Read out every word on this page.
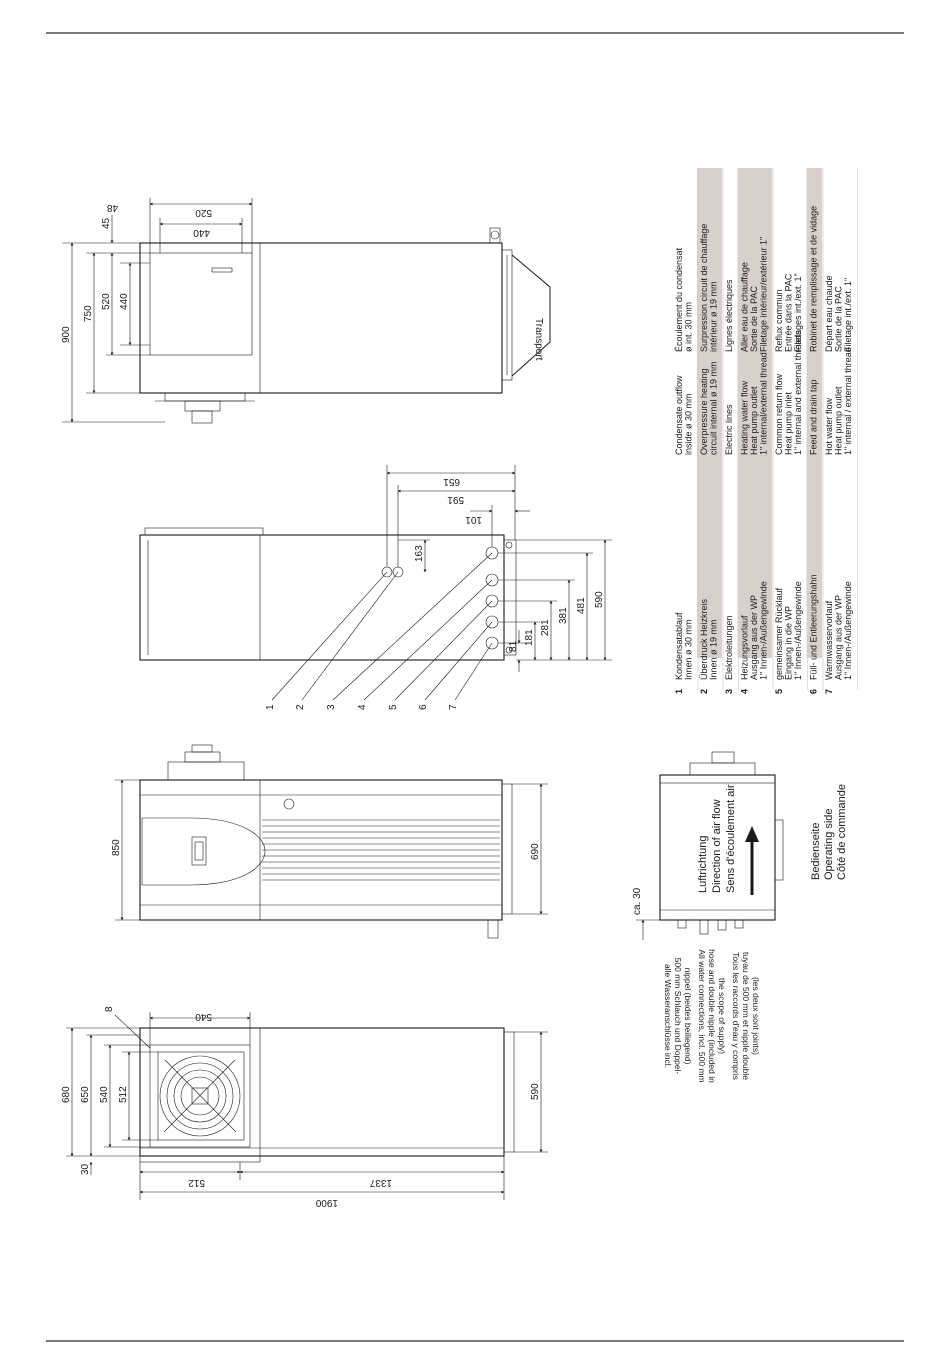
Transport
900
750
520 440
45
48	520
440
1 2 3 4 5 6 7
651
591
101
163
590
481
381
281
181
81
850	690
8
680 650 540 512
30
540
512	1337
1900
590
ca. 30
Luftrichtung Direction of air flow Sens d'écoulement air	Bedienseite Operating side Côté de commande
alle Wasseranschlüsse incl. 500 mm Schlauch und Doppel- nippel (beides beiliegend) All water connections, incl. 500 mm hose and double nipple (included in the scope of supply) Tous les raccords d'eau y compris tuyau de 500 mm et nipple double (les deux sont joints)
1
Kondensatablauf Innen ø 30 mm
Condensate outflow inside ø 30 mm
Écoulement du condensat ø int. 30 mm
2
Überdruck Heizkreis Innen ø 19 mm
Overpressure heating circuit internal ø 19 mm
Surpression circuit de chauffage intérieur ø 19 mm
3
Elektroleitungen
Electric lines
Lignes électriques
4
Heizungsvorlauf Ausgang aus der WP 1" Innen-/Außengewinde
Heating water flow Heat pump outlet 1" internal/external thread
Aller eau de chauffage Sortie de la PAC Filetage intérieur/extérieur 1"
5
gemeinsamer Rücklauf Eingang in die WP 1" Innen-/Außengewinde
Common return flow Heat pump inlet 1" internal and external threads
Reflux commun Entrée dans la PAC Filetages int./ext. 1"
6
Füll- und Entleerungshahn
Feed and drain tap
Robinet de remplissage et de vidage
7
Warmwasservorlauf Ausgang aus der WP 1" Innen-/Außengewinde
Hot water flow Heat pump outlet 1" internal / external thread
Départ eau chaude Sortie de la PAC Filetage int./ext. 1"
